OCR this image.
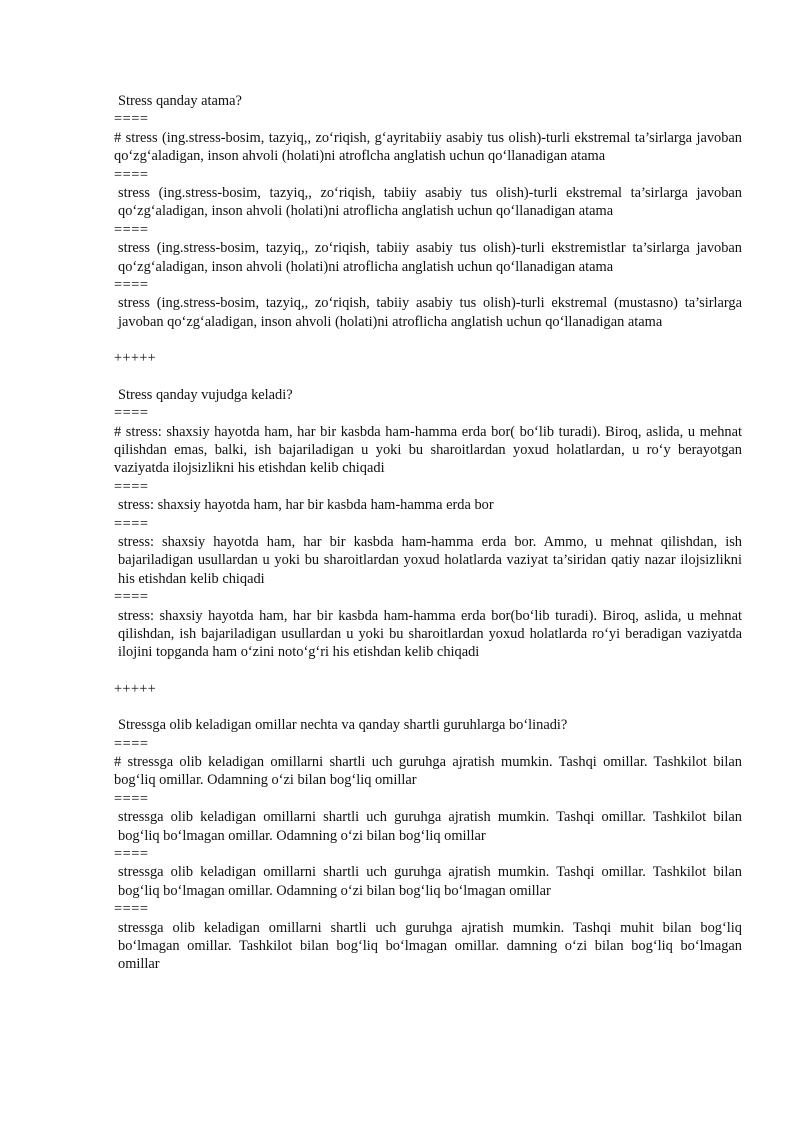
Stress qanday atama?

====

# stress (ing.stress-bosim, tazyiq,, zo‘riqish, g‘ayritabiiy asabiy tus olish)-turli ekstremal ta’sirlarga javoban qo‘zg‘aladigan, inson ahvoli (holati)ni atroflcha anglatish uchun qo‘llanadigan atama

====

stress (ing.stress-bosim, tazyiq,, zo‘riqish, tabiiy asabiy tus olish)-turli ekstremal ta’sirlarga javoban qo‘zg‘aladigan, inson ahvoli (holati)ni atroflicha anglatish uchun qo‘llanadigan atama

====

stress (ing.stress-bosim, tazyiq,, zo‘riqish, tabiiy asabiy tus olish)-turli ekstremistlar ta’sirlarga javoban qo‘zg‘aladigan, inson ahvoli (holati)ni atroflicha anglatish uchun qo‘llanadigan atama

====

stress (ing.stress-bosim, tazyiq,, zo‘riqish, tabiiy asabiy tus olish)-turli ekstremal (mustasno) ta’sirlarga javoban qo‘zg‘aladigan, inson ahvoli (holati)ni atroflicha anglatish uchun qo‘llanadigan atama

+++++

Stress qanday vujudga keladi?

====

# stress: shaxsiy hayotda ham, har bir kasbda ham-hamma erda bor( bo‘lib turadi). Biroq, aslida, u mehnat qilishdan emas, balki, ish bajariladigan u yoki bu sharoitlardan yoxud holatlardan, u ro‘y berayotgan vaziyatda ilojsizlikni his etishdan kelib chiqadi

====

stress: shaxsiy hayotda ham, har bir kasbda ham-hamma erda bor

====

stress: shaxsiy hayotda ham, har bir kasbda ham-hamma erda bor. Ammo, u mehnat qilishdan, ish bajariladigan usullardan u yoki bu sharoitlardan yoxud holatlarda vaziyat ta’siridan qatiy nazar ilojsizlikni his etishdan kelib chiqadi

====

stress: shaxsiy hayotda ham, har bir kasbda ham-hamma erda bor(bo‘lib turadi). Biroq, aslida, u mehnat qilishdan, ish bajariladigan usullardan u yoki bu sharoitlardan yoxud holatlarda ro‘yi beradigan vaziyatda ilojini topganda ham o‘zini noto‘g‘ri his etishdan kelib chiqadi

+++++

Stressga olib keladigan omillar nechta va qanday shartli guruhlarga bo‘linadi?

====

# stressga olib keladigan omillarni shartli uch guruhga ajratish mumkin. Tashqi omillar. Tashkilot bilan bog‘liq omillar. Odamning o‘zi bilan bog‘liq omillar

====

stressga olib keladigan omillarni shartli uch guruhga ajratish mumkin. Tashqi omillar. Tashkilot bilan bog‘liq bo‘lmagan omillar. Odamning o‘zi bilan bog‘liq omillar

====

stressga olib keladigan omillarni shartli uch guruhga ajratish mumkin. Tashqi omillar. Tashkilot bilan bog‘liq bo‘lmagan omillar. Odamning o‘zi bilan bog‘liq bo‘lmagan omillar

====

stressga olib keladigan omillarni shartli uch guruhga ajratish mumkin. Tashqi muhit bilan bog‘liq bo‘lmagan omillar. Tashkilot bilan bog‘liq bo‘lmagan omillar. damning o‘zi bilan bog‘liq bo‘lmagan omillar
